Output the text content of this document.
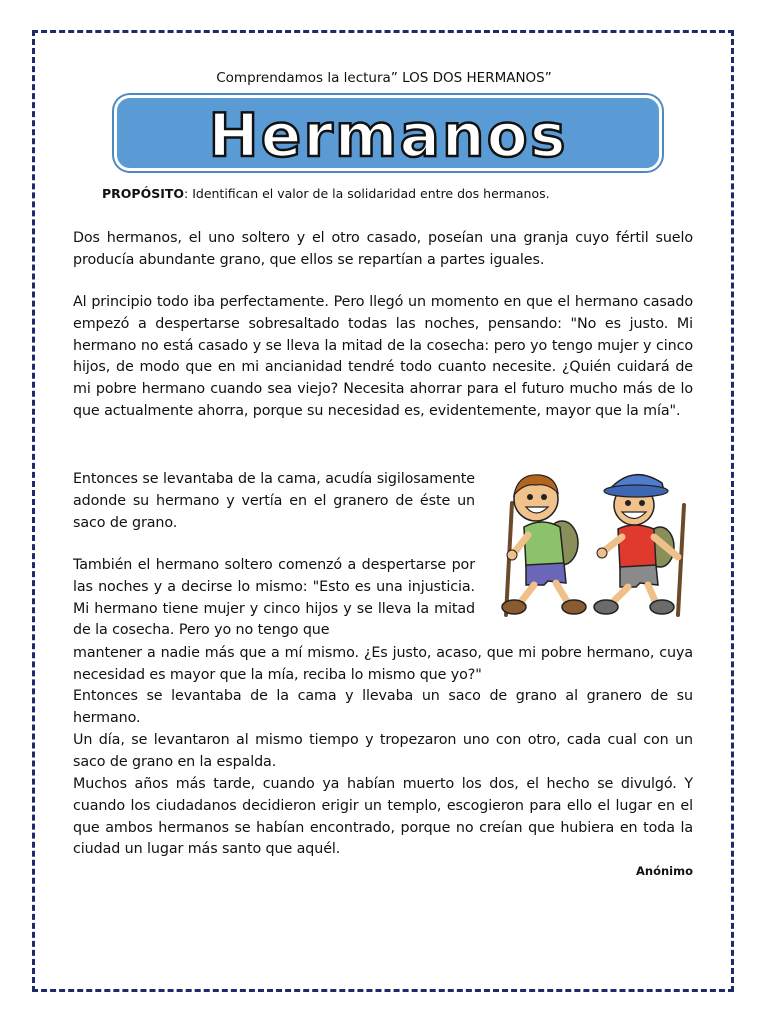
Comprendamos la lectura” LOS DOS HERMANOS”
Hermanos
PROPÓSITO: Identifican el valor de la solidaridad entre dos hermanos.
Dos hermanos, el uno soltero y el otro casado, poseían una granja cuyo fértil suelo producía abundante grano, que ellos se repartían a partes iguales.
Al principio todo iba perfectamente. Pero llegó un momento en que el hermano casado empezó a despertarse sobresaltado todas las noches, pensando: "No es justo. Mi hermano no está casado y se lleva la mitad de la cosecha: pero yo tengo mujer y cinco hijos, de modo que en mi ancianidad tendré todo cuanto necesite. ¿Quién cuidará de mi pobre hermano cuando sea viejo? Necesita ahorrar para el futuro mucho más de lo que actualmente ahorra, porque su necesidad es, evidentemente, mayor que la mía".
Entonces se levantaba de la cama, acudía sigilosamente adonde su hermano y vertía en el granero de éste un saco de grano.
También el hermano soltero comenzó a despertarse por las noches y a decirse lo mismo: "Esto es una injusticia. Mi hermano tiene mujer y cinco hijos y se lleva la mitad de la cosecha. Pero yo no tengo que
mantener a nadie más que a mí mismo. ¿Es justo, acaso, que mi pobre hermano, cuya necesidad es mayor que la mía, reciba lo mismo que yo?"
Entonces se levantaba de la cama y llevaba un saco de grano al granero de su hermano.
Un día, se levantaron al mismo tiempo y tropezaron uno con otro, cada cual con un saco de grano en la espalda.
Muchos años más tarde, cuando ya habían muerto los dos, el hecho se divulgó. Y cuando los ciudadanos decidieron erigir un templo, escogieron para ello el lugar en el que ambos hermanos se habían encontrado, porque no creían que hubiera en toda la ciudad un lugar más santo que aquél.
Anónimo
